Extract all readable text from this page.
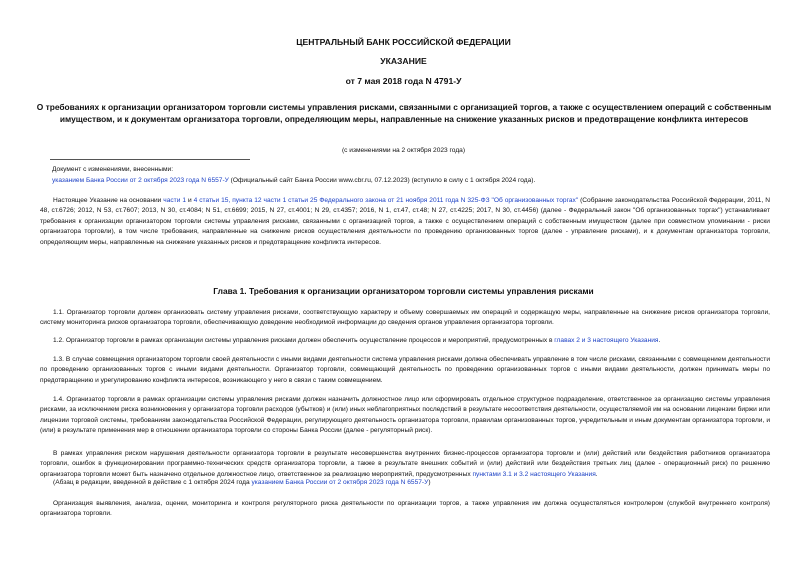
ЦЕНТРАЛЬНЫЙ БАНК РОССИЙСКОЙ ФЕДЕРАЦИИ
УКАЗАНИЕ
от 7 мая 2018 года N 4791-У
О требованиях к организации организатором торговли системы управления рисками, связанными с организацией торгов, а также с осуществлением операций с собственным имуществом, и к документам организатора торговли, определяющим меры, направленные на снижение указанных рисков и предотвращение конфликта интересов
(с изменениями на 2 октября 2023 года)
Документ с изменениями, внесенными:
указанием Банка России от 2 октября 2023 года N 6557-У (Официальный сайт Банка России www.cbr.ru, 07.12.2023) (вступило в силу с 1 октября 2024 года).
Настоящее Указание на основании части 1 и 4 статьи 15, пункта 12 части 1 статьи 25 Федерального закона от 21 ноября 2011 года N 325-ФЗ "Об организованных торгах" (Собрание законодательства Российской Федерации, 2011, N 48, ст.6726; 2012, N 53, ст.7607; 2013, N 30, ст.4084; N 51, ст.6699; 2015, N 27, ст.4001; N 29, ст.4357; 2016, N 1, ст.47, ст.48; N 27, ст.4225; 2017, N 30, ст.4456) (далее - Федеральный закон "Об организованных торгах") устанавливает требования к организации организатором торговли системы управления рисками, связанными с организацией торгов, а также с осуществлением операций с собственным имуществом (далее при совместном упоминании - риски организатора торговли), в том числе требования, направленные на снижение рисков осуществления деятельности по проведению организованных торгов (далее - управление рисками), и к документам организатора торговли, определяющим меры, направленные на снижение указанных рисков и предотвращение конфликта интересов.
Глава 1. Требования к организации организатором торговли системы управления рисками
1.1. Организатор торговли должен организовать систему управления рисками, соответствующую характеру и объему совершаемых им операций и содержащую меры, направленные на снижение рисков организатора торговли, систему мониторинга рисков организатора торговли, обеспечивающую доведение необходимой информации до сведения органов управления организатора торговли.
1.2. Организатор торговли в рамках организации системы управления рисками должен обеспечить осуществление процессов и мероприятий, предусмотренных в главах 2 и 3 настоящего Указания.
1.3. В случае совмещения организатором торговли своей деятельности с иными видами деятельности система управления рисками должна обеспечивать управление в том числе рисками, связанными с совмещением деятельности по проведению организованных торгов с иными видами деятельности. Организатор торговли, совмещающий деятельность по проведению организованных торгов с иными видами деятельности, должен принимать меры по предотвращению и урегулированию конфликта интересов, возникающего у него в связи с таким совмещением.
1.4. Организатор торговли в рамках организации системы управления рисками должен назначить должностное лицо или сформировать отдельное структурное подразделение, ответственное за организацию системы управления рисками, за исключением риска возникновения у организатора торговли расходов (убытков) и (или) иных неблагоприятных последствий в результате несоответствия деятельности, осуществляемой им на основании лицензии биржи или лицензии торговой системы, требованиям законодательства Российской Федерации, регулирующего деятельность организатора торговли, правилам организованных торгов, учредительным и иным документам организатора торговли, и (или) в результате применения мер в отношении организатора торговли со стороны Банка России (далее - регуляторный риск).
В рамках управления риском нарушения деятельности организатора торговли в результате несовершенства внутренних бизнес-процессов организатора торговли и (или) действий или бездействия работников организатора торговли, ошибок в функционировании программно-технических средств организатора торговли, а также в результате внешних событий и (или) действий или бездействия третьих лиц (далее - операционный риск) по решению организатора торговли может быть назначено отдельное должностное лицо, ответственное за реализацию мероприятий, предусмотренных пунктами 3.1 и 3.2 настоящего Указания.
(Абзац в редакции, введенной в действие с 1 октября 2024 года указанием Банка России от 2 октября 2023 года N 6557-У)
Организация выявления, анализа, оценки, мониторинга и контроля регуляторного риска деятельности по организации торгов, а также управления им должна осуществляться контролером (службой внутреннего контроля) организатора торговли.
